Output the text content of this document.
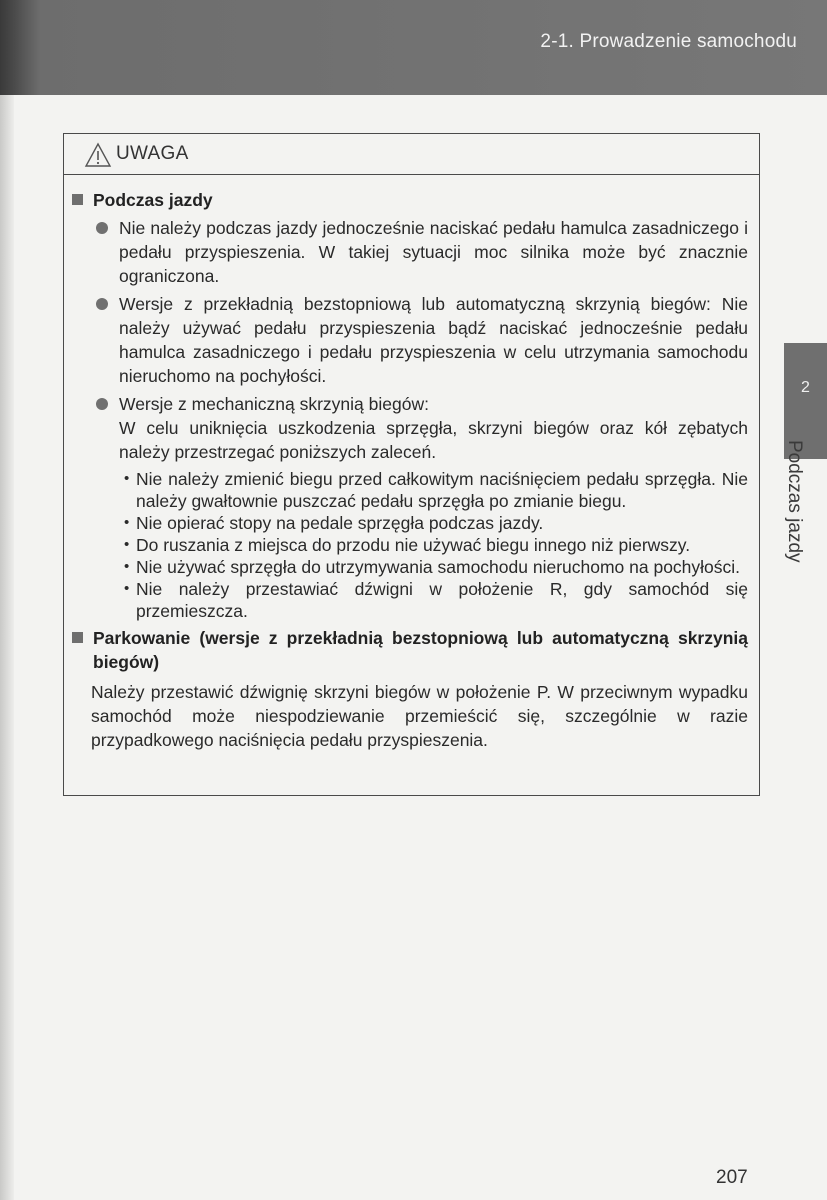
2-1. Prowadzenie samochodu
2
Podczas jazdy
UWAGA
Podczas jazdy
Nie należy podczas jazdy jednocześnie naciskać pedału hamulca zasadniczego i pedału przyspieszenia. W takiej sytuacji moc silnika może być znacznie ograniczona.
Wersje z przekładnią bezstopniową lub automatyczną skrzynią biegów: Nie należy używać pedału przyspieszenia bądź naciskać jednocześnie pedału hamulca zasadniczego i pedału przyspieszenia w celu utrzymania samochodu nieruchomo na pochyłości.
Wersje z mechaniczną skrzynią biegów:
W celu uniknięcia uszkodzenia sprzęgła, skrzyni biegów oraz kół zębatych należy przestrzegać poniższych zaleceń.
• Nie należy zmienić biegu przed całkowitym naciśnięciem pedału sprzęgła. Nie należy gwałtownie puszczać pedału sprzęgła po zmianie biegu.
• Nie opierać stopy na pedale sprzęgła podczas jazdy.
• Do ruszania z miejsca do przodu nie używać biegu innego niż pierwszy.
• Nie używać sprzęgła do utrzymywania samochodu nieruchomo na pochyłości.
• Nie należy przestawiać dźwigni w położenie R, gdy samochód się przemieszcza.
Parkowanie (wersje z przekładnią bezstopniową lub automatyczną skrzynią biegów)
Należy przestawić dźwignię skrzyni biegów w położenie P. W przeciwnym wypadku samochód może niespodziewanie przemieścić się, szczególnie w razie przypadkowego naciśnięcia pedału przyspieszenia.
207
